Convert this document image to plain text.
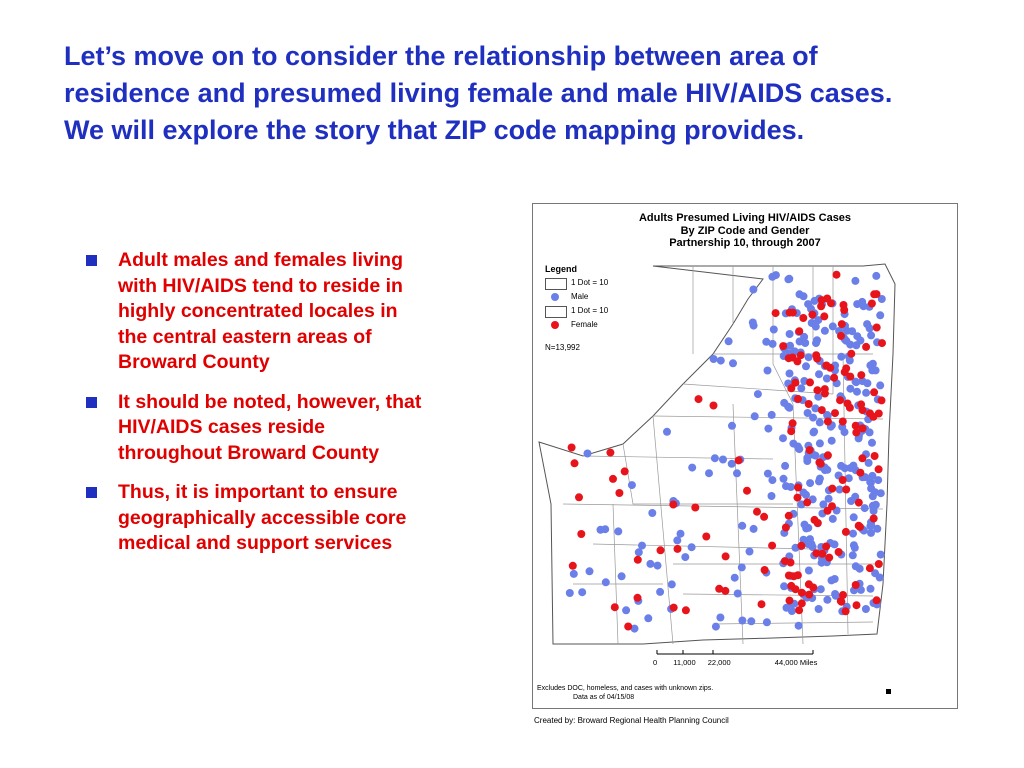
Let’s move on to consider the relationship between area of residence and presumed living female and male HIV/AIDS cases. We will explore the story that ZIP code mapping provides.
Adult males and females living with HIV/AIDS tend to reside in highly concentrated locales in the central eastern areas of Broward County
It should be noted, however, that HIV/AIDS cases reside throughout Broward County
Thus, it is important to ensure geographically accessible core medical and support services
Adults Presumed Living HIV/AIDS Cases
By ZIP Code and Gender
Partnership 10, through 2007
Legend
1 Dot = 10
Male
1 Dot = 10
Female
N=13,992
0 11,000 22,000	44,000 Miles
Excludes DOC, homeless, and cases with unknown zips.
Data as of 04/15/08
Created by: Broward Regional Health Planning Council
